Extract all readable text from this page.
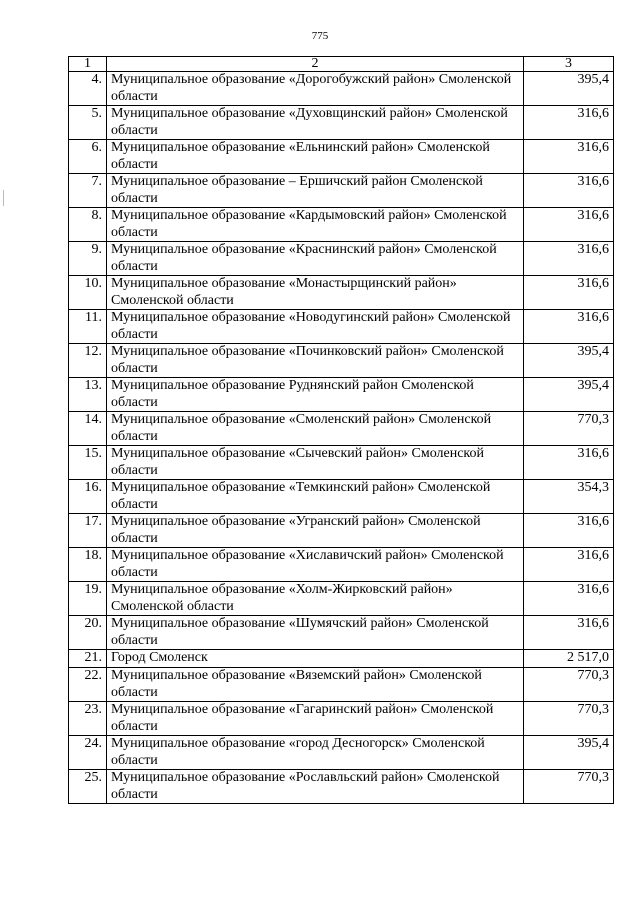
775
1	2	3
4.	Муниципальное образование «Дорогобужский район» Смоленской области	395,4
5.	Муниципальное образование «Духовщинский район» Смоленской области	316,6
6.	Муниципальное образование «Ельнинский район» Смоленской области	316,6
7.	Муниципальное образование – Ершичский район Смоленской области	316,6
8.	Муниципальное образование «Кардымовский район» Смоленской области	316,6
9.	Муниципальное образование «Краснинский район» Смоленской области	316,6
10.	Муниципальное образование «Монастырщинский район» Смоленской области	316,6
11.	Муниципальное образование «Новодугинский район» Смоленской области	316,6
12.	Муниципальное образование «Починковский район» Смоленской области	395,4
13.	Муниципальное образование Руднянский район Смоленской области	395,4
14.	Муниципальное образование «Смоленский район» Смоленской области	770,3
15.	Муниципальное образование «Сычевский район» Смоленской области	316,6
16.	Муниципальное образование «Темкинский район» Смоленской области	354,3
17.	Муниципальное образование «Угранский район» Смоленской области	316,6
18.	Муниципальное образование «Хиславичский район» Смоленской области	316,6
19.	Муниципальное образование «Холм-Жирковский район» Смоленской области	316,6
20.	Муниципальное образование «Шумячский район» Смоленской области	316,6
21.	Город Смоленск	2 517,0
22.	Муниципальное образование «Вяземский район» Смоленской области	770,3
23.	Муниципальное образование «Гагаринский район» Смоленской области	770,3
24.	Муниципальное образование «город Десногорск» Смоленской области	395,4
25.	Муниципальное образование «Рославльский район» Смоленской области	770,3
